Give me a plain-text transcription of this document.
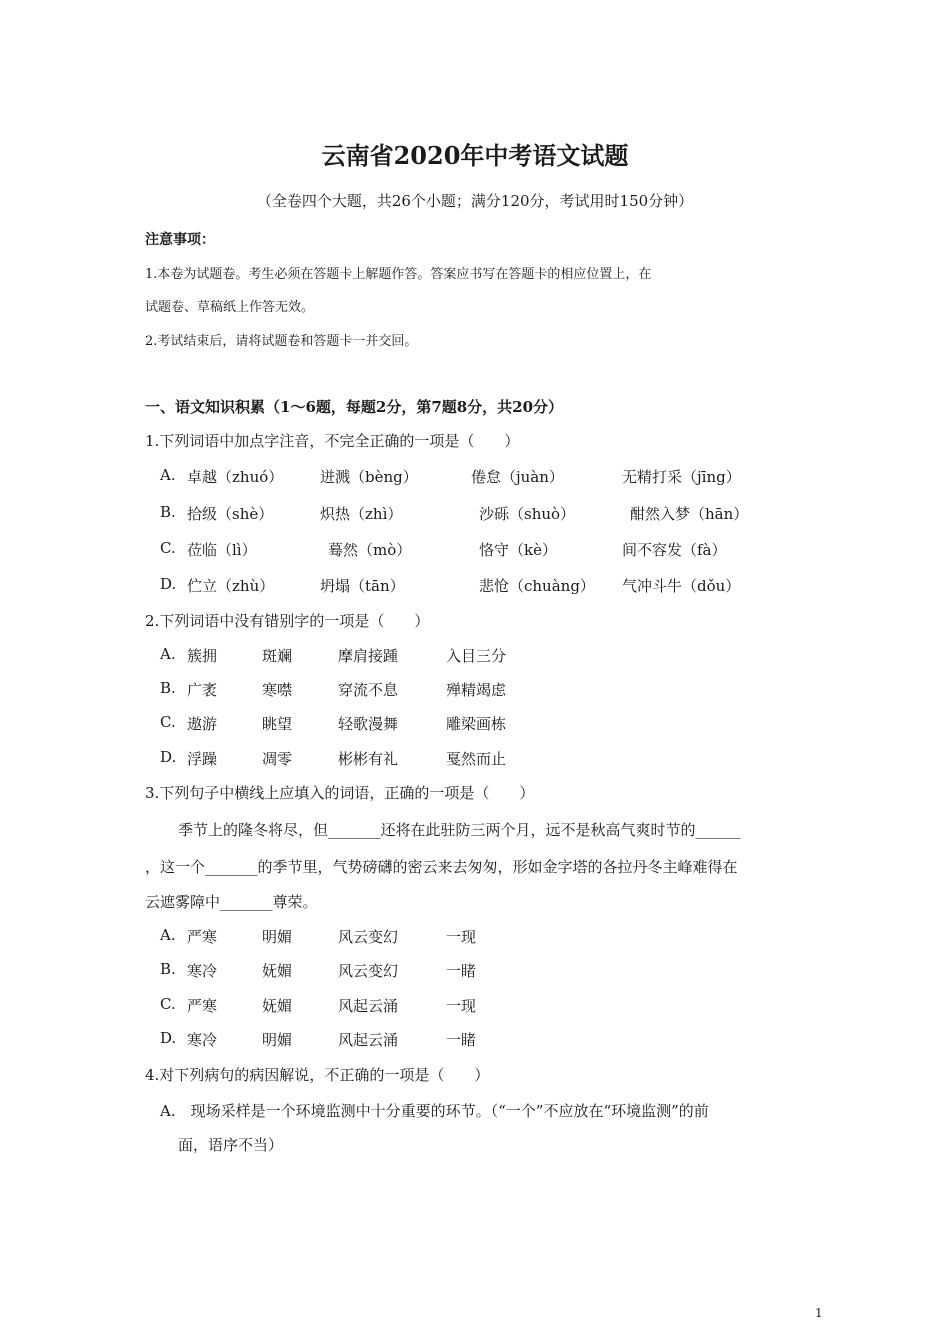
云南省2020年中考语文试题
（全卷四个大题，共26个小题；满分120分，考试用时150分钟）
注意事项：
1.本卷为试题卷。考生必须在答题卡上解题作答。答案应书写在答题卡的相应位置上，在
试题卷、草稿纸上作答无效。
2.考试结束后，请将试题卷和答题卡一并交回。
一、语文知识积累（1～6题，每题2分，第7题8分，共20分）
1.下列词语中加点字注音，不完全正确的一项是（　　）
A. 卓越（zhuó） 迸溅（bèng）	倦怠（juàn）	无精打采（jīng）
B. 拾级（shè）	炽热（zhì）	沙砾（shuò）	酣然入梦（hān）
C. 莅临（lì）	蓦然（mò）	恪守（kè）	间不容发（fà）
D. 伫立（zhù）	坍塌（tān）	悲怆（chuàng） 气冲斗牛（dǒu）
2.下列词语中没有错别字的一项是（　　）
A. 簇拥	斑斓	摩肩接踵	入目三分
B. 广袤	寒噤	穿流不息	殚精竭虑
C. 遨游	眺望	轻歌漫舞	雕梁画栋
D. 浮躁	凋零	彬彬有礼	戛然而止
3.下列句子中横线上应填入的词语，正确的一项是（　　）
季节上的隆冬将尽，但_______还将在此驻防三两个月，远不是秋高气爽时节的______
，这一个_______的季节里，气势磅礴的密云来去匆匆，形如金字塔的各拉丹冬主峰难得在
云遮雾障中_______尊荣。
A. 严寒	明媚	风云变幻	一现
B. 寒冷	妩媚	风云变幻	一睹
C. 严寒	妩媚	风起云涌	一现
D. 寒冷	明媚	风起云涌	一睹
4.对下列病句的病因解说，不正确的一项是（　　）
A.　现场采样是一个环境监测中十分重要的环节。（“一个”不应放在“环境监测”的前
面，语序不当）
1
